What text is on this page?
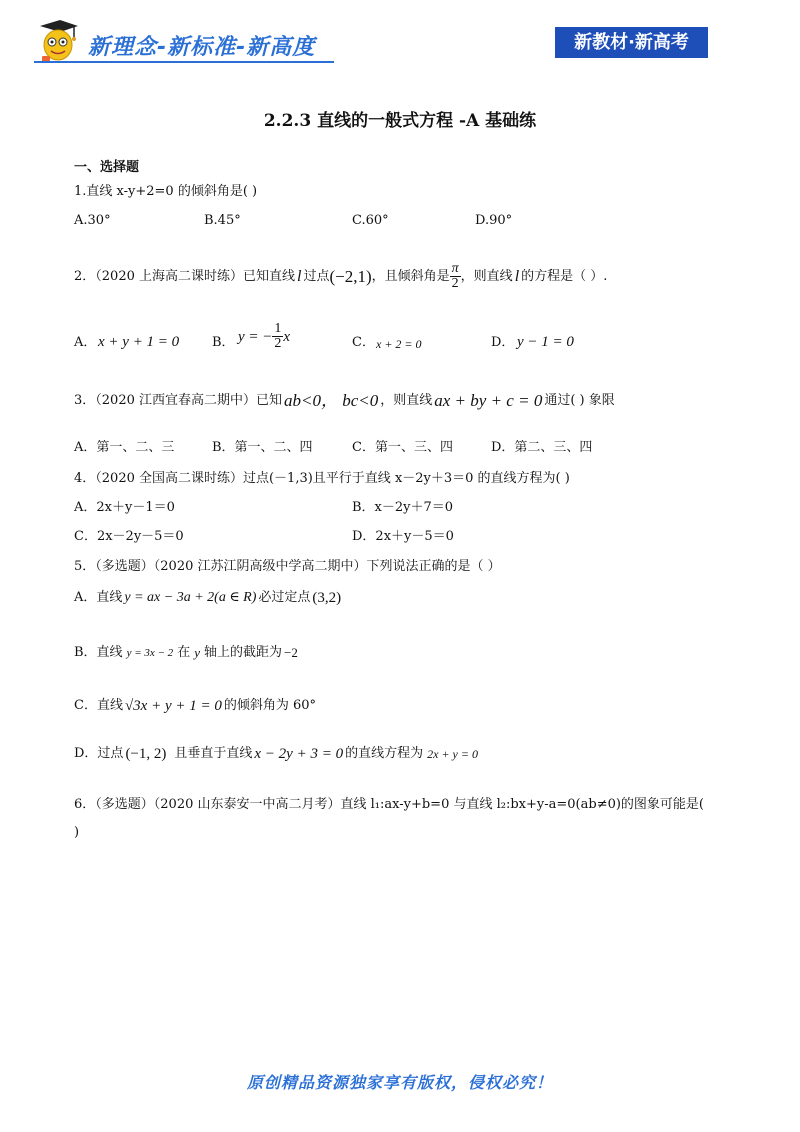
新理念-新标准-新高度	新教材·新高考
2.2.3 直线的一般式方程 -A 基础练
一、选择题
1.直线 x-y+2=0 的倾斜角是( )
A.30°	B.45°	C.60°	D.90°
2．（2020 上海高二课时练）已知直线 l 过点 (−2,1) ，且倾斜角是 $\frac{\pi}{2}$ ，则直线 l 的方程是（ ）.
A． x + y + 1 = 0	B． y = − $\frac{1}{2}$ x	C． x + 2 = 0	D． y − 1 = 0
3．（2020 江西宜春高二期中）已知 ab<0， bc<0 ，则直线 ax + by + c = 0 通过( ) 象限
A．第一、二、三	B．第一、二、四	C．第一、三、四	D．第二、三、四
4．（2020 全国高二课时练）过点(－1,3)且平行于直线 x－2y＋3＝0 的直线方程为( )
A．2x＋y－1＝0	B．x－2y＋7＝0
C．2x－2y－5＝0	D．2x＋y－5＝0
5．（多选题）（2020 江苏江阴高级中学高二期中）下列说法正确的是（ ）
A．直线 y = ax − 3a + 2(a ∈ R) 必过定点 (3,2)
B．直线 y = 3x − 2 在 y 轴上的截距为 −2
C．直线 √3x + y + 1 = 0 的倾斜角为 60°
D．过点 (−1, 2) 且垂直于直线 x − 2y + 3 = 0 的直线方程为 2x + y = 0
6．（多选题）（2020 山东泰安一中高二月考）直线 l₁:ax-y+b=0 与直线 l₂:bx+y-a=0(ab≠0)的图象可能是(
)
原创精品资源独家享有版权，侵权必究！
